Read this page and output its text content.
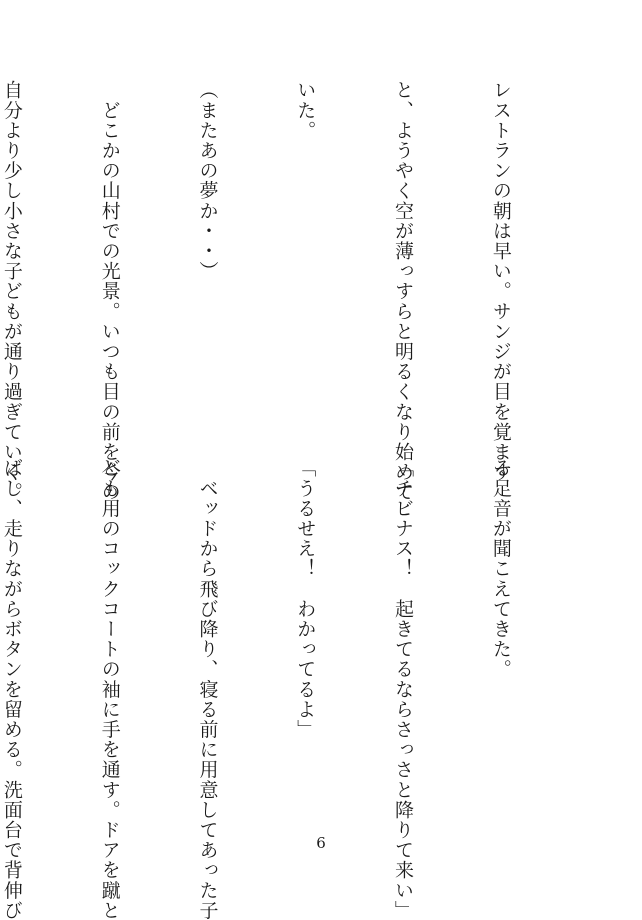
レストランの朝は早い。サンジが目を覚ます

と、ようやく空が薄っすらと明るくなり始めて

いた。

（またあの夢か・・）

　どこかの山村での光景。いつも目の前を今の

自分より少し小さな子どもが通り過ぎていく。

る足音が聞こえてきた。

「チビナス！　起きてるならさっさと降りて来い」

「うるせえ！　わかってるよ」

　ベッドから飛び降り、寝る前に用意してあった子

ども用のコックコートの袖に手を通す。ドアを蹴と

ばし、走りながらボタンを留める。洗面台で背伸び

	6
